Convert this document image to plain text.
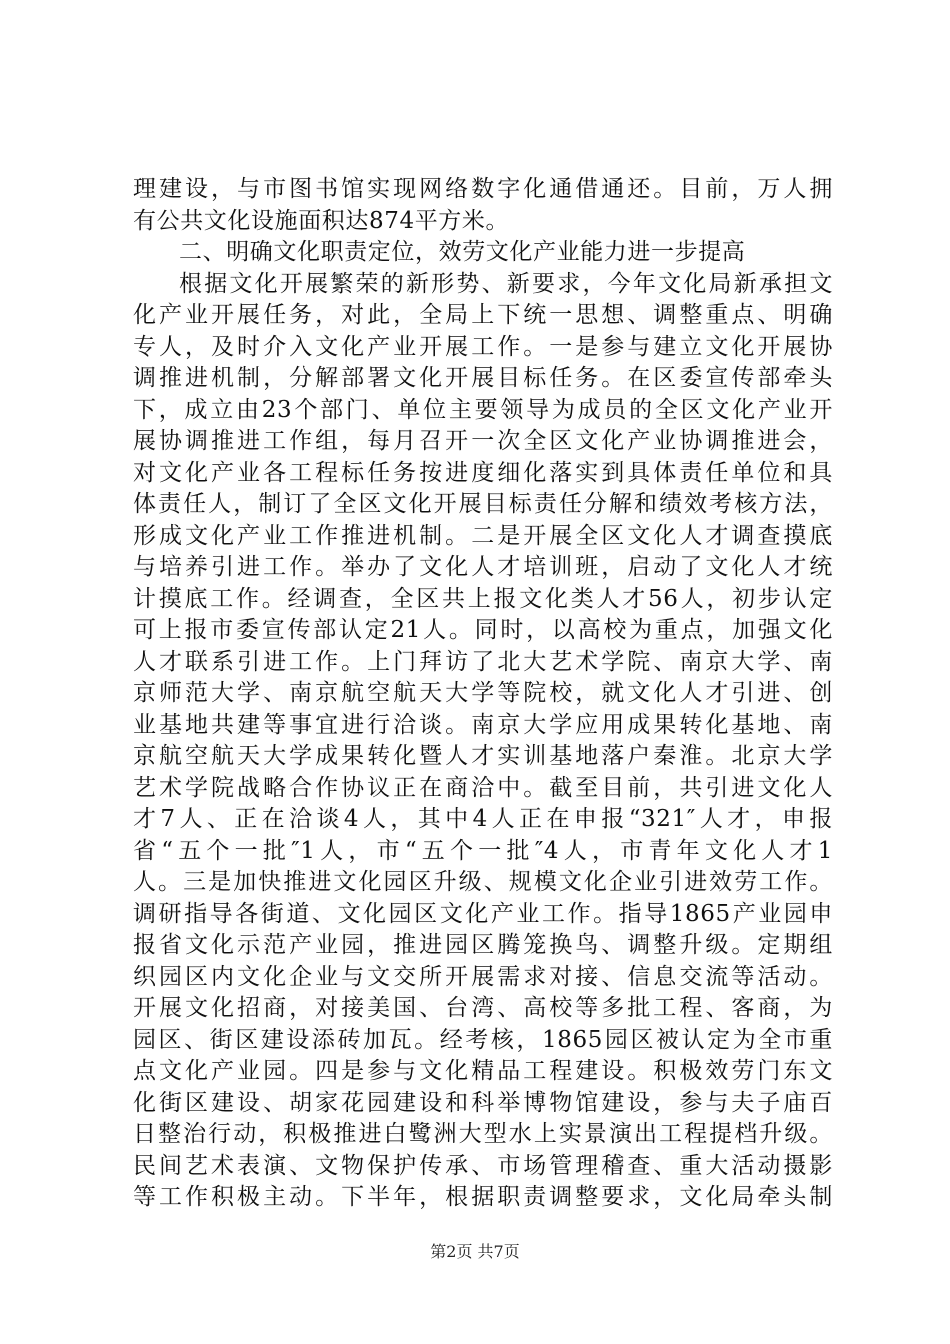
理建设，与市图书馆实现网络数字化通借通还。目前，万人拥
有公共文化设施面积达874平方米。
二、明确文化职责定位，效劳文化产业能力进一步提高
根据文化开展繁荣的新形势、新要求，今年文化局新承担文
化产业开展任务，对此，全局上下统一思想、调整重点、明确
专人，及时介入文化产业开展工作。一是参与建立文化开展协
调推进机制，分解部署文化开展目标任务。在区委宣传部牵头
下，成立由23个部门、单位主要领导为成员的全区文化产业开
展协调推进工作组，每月召开一次全区文化产业协调推进会，
对文化产业各工程标任务按进度细化落实到具体责任单位和具
体责任人，制订了全区文化开展目标责任分解和绩效考核方法，
形成文化产业工作推进机制。二是开展全区文化人才调查摸底
与培养引进工作。举办了文化人才培训班，启动了文化人才统
计摸底工作。经调查，全区共上报文化类人才56人，初步认定
可上报市委宣传部认定21人。同时，以高校为重点，加强文化
人才联系引进工作。上门拜访了北大艺术学院、南京大学、南
京师范大学、南京航空航天大学等院校，就文化人才引进、创
业基地共建等事宜进行洽谈。南京大学应用成果转化基地、南
京航空航天大学成果转化暨人才实训基地落户秦淮。北京大学
艺术学院战略合作协议正在商洽中。截至目前，共引进文化人
才7人、正在洽谈4人，其中4人正在申报“321″人才，申报
省“五个一批″1人，市“五个一批″4人，市青年文化人才1
人。三是加快推进文化园区升级、规模文化企业引进效劳工作。
调研指导各街道、文化园区文化产业工作。指导1865产业园申
报省文化示范产业园，推进园区腾笼换鸟、调整升级。定期组
织园区内文化企业与文交所开展需求对接、信息交流等活动。
开展文化招商，对接美国、台湾、高校等多批工程、客商，为
园区、街区建设添砖加瓦。经考核，1865园区被认定为全市重
点文化产业园。四是参与文化精品工程建设。积极效劳门东文
化街区建设、胡家花园建设和科举博物馆建设，参与夫子庙百
日整治行动，积极推进白鹭洲大型水上实景演出工程提档升级。
民间艺术表演、文物保护传承、市场管理稽查、重大活动摄影
等工作积极主动。下半年，根据职责调整要求，文化局牵头制
第2页 共7页
